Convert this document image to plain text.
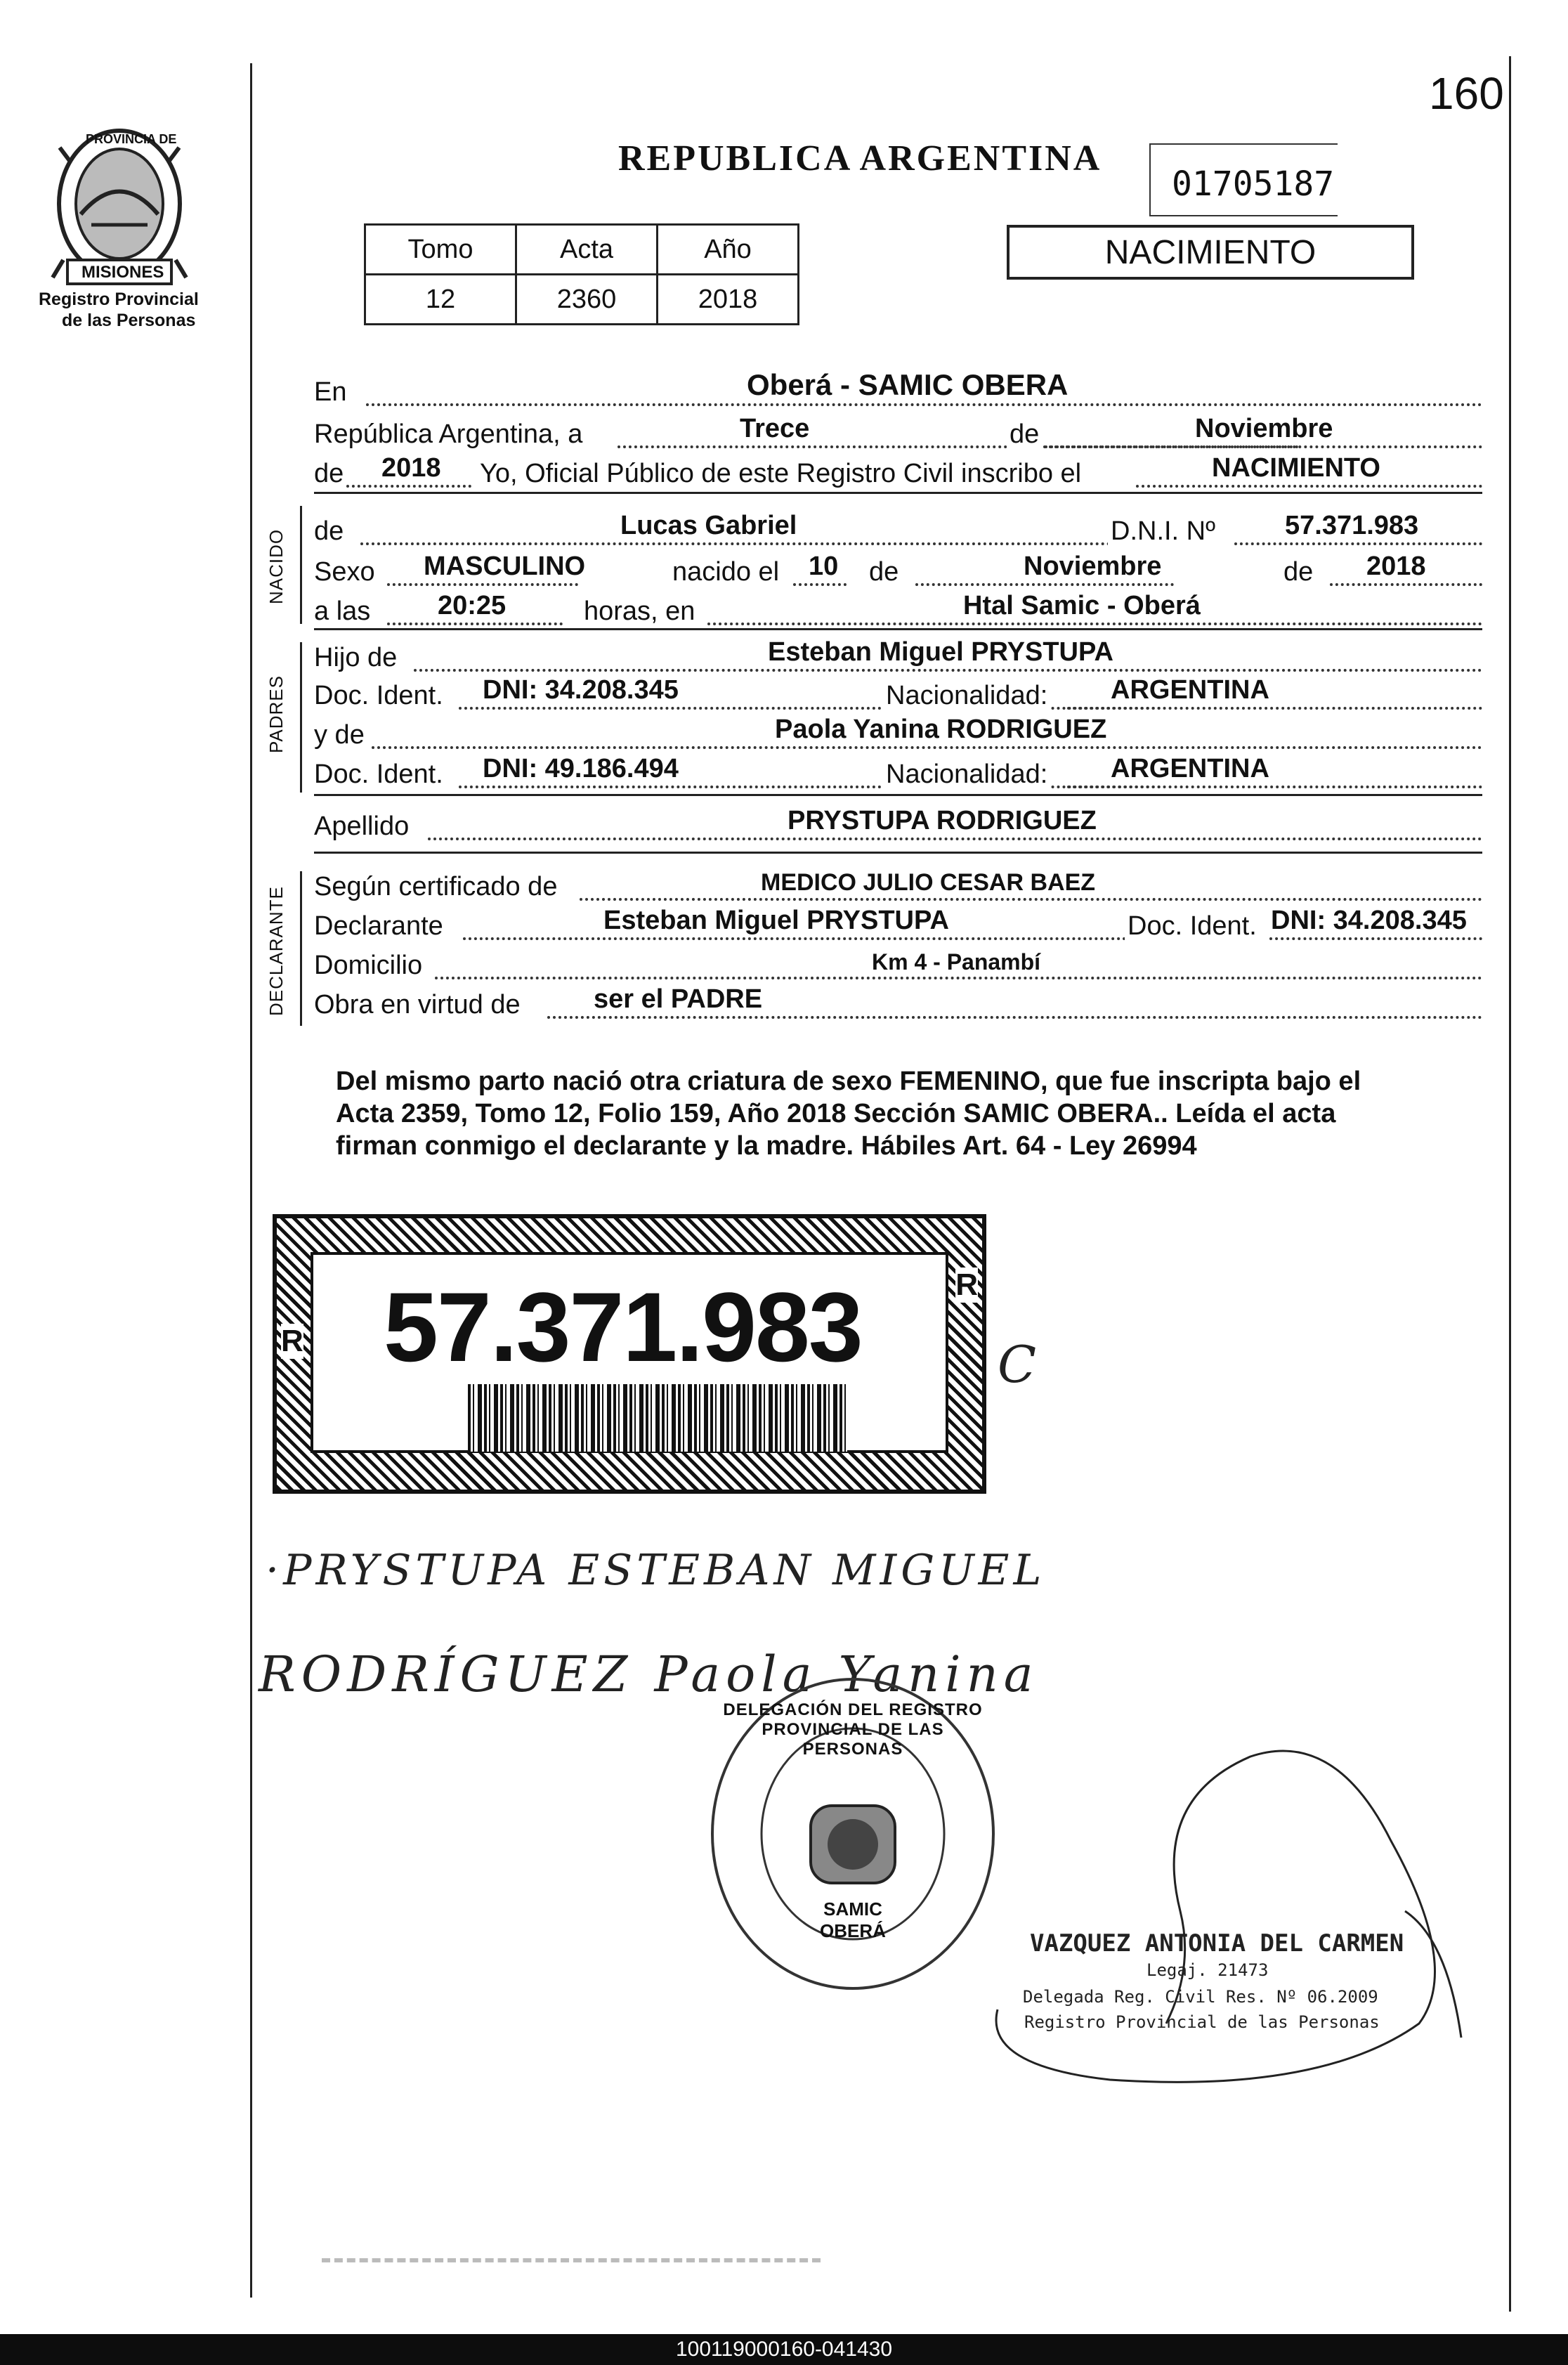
160
PROVINCIA DE
MISIONES
Registro Provincial
de las Personas
REPUBLICA ARGENTINA
01705187
Tomo	Acta	Año
12	2360	2018
NACIMIENTO
En	Oberá - SAMIC OBERA
República Argentina, a	Trece	de	Noviembre
de 2018 Yo, Oficial Público de este Registro Civil inscribo el	NACIMIENTO
NACIDO de	Lucas Gabriel	D.N.I. Nº	57.371.983
Sexo MASCULINO	nacido el 10 de	Noviembre	de 2018
a las	20:25	horas, en	Htal Samic - Oberá
PADRES
Hijo de	Esteban Miguel PRYSTUPA
Doc. Ident. DNI: 34.208.345	Nacionalidad: ARGENTINA
y de	Paola Yanina RODRIGUEZ
Doc. Ident. DNI: 49.186.494	Nacionalidad: ARGENTINA
Apellido	PRYSTUPA RODRIGUEZ
DECLARANTE Según certificado de	MEDICO JULIO CESAR BAEZ
Declarante	Esteban Miguel PRYSTUPA	Doc. Ident. DNI: 34.208.345
Domicilio	Km 4 - Panambí
Obra en virtud de	ser el PADRE
Del mismo parto nació otra criatura de sexo FEMENINO, que fue inscripta bajo el
Acta 2359, Tomo 12, Folio 159, Año 2018 Sección SAMIC OBERA.. Leída el acta
firman conmigo el declarante y la madre. Hábiles Art. 64 - Ley 26994
57.371.983	R
R	C
·PRYSTUPA ESTEBAN MIGUEL
RODRÍGUEZ Paola Yanina
DELEGACIÓN DEL REGISTRO PROVINCIAL DE LAS PERSONAS
SAMIC OBERÁ	VAZQUEZ ANTONIA DEL CARMEN
Legaj. 21473
Delegada Reg. Civil Res. Nº 06.2009
Registro Provincial de las Personas
100119000160-041430
